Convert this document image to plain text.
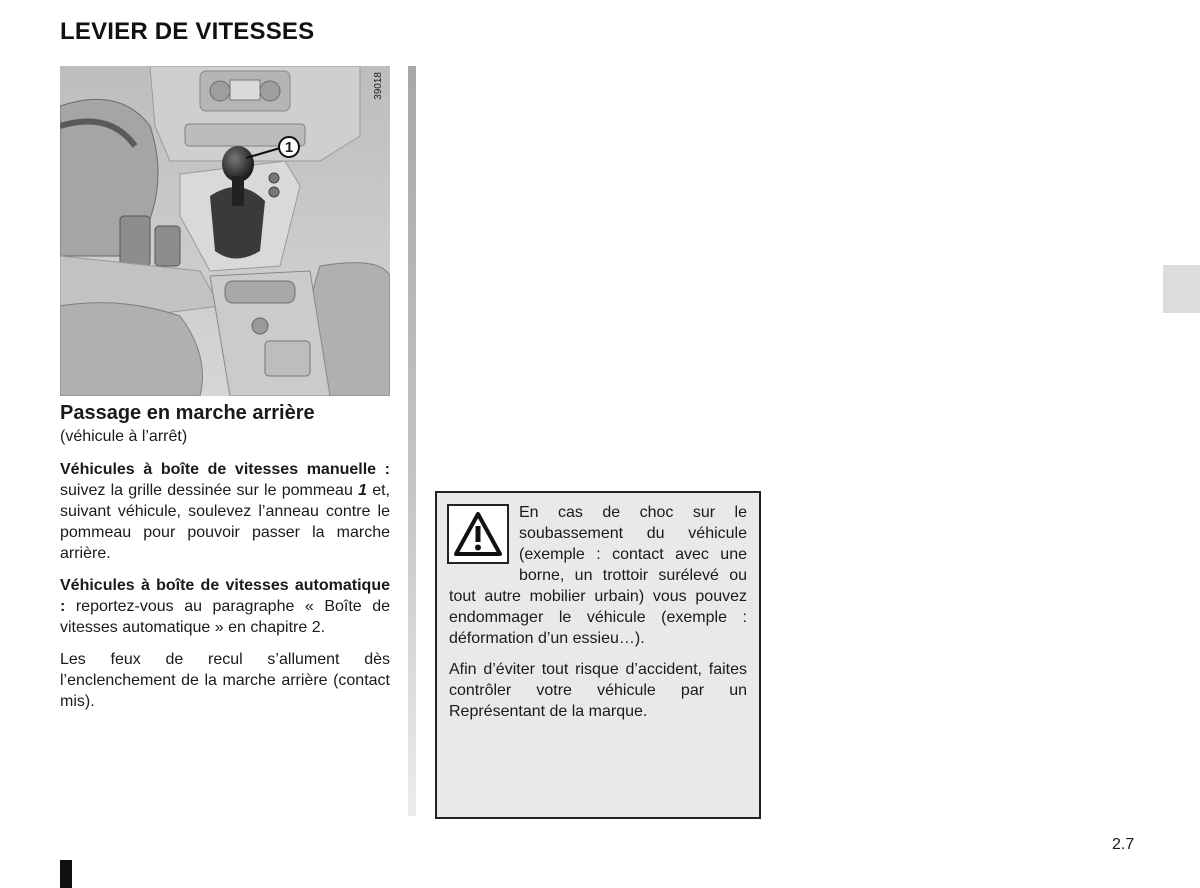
LEVIER DE VITESSES
39018
1

Passage en marche arrière

(véhicule à l’arrêt)

Véhicules à boîte de vitesses manuelle : suivez la grille dessinée sur le pommeau 1 et, suivant véhicule, soulevez l’anneau contre le pommeau pour pouvoir passer la marche arrière.

Véhicules à boîte de vitesses automatique : reportez-vous au paragraphe « Boîte de vitesses automatique » en chapitre 2.

Les feux de recul s’allument dès l’enclenchement de la marche arrière (contact mis).

En cas de choc sur le soubassement du véhicule (exemple : contact avec une borne, un trottoir surélevé ou tout autre mobilier urbain) vous pouvez endommager le véhicule (exemple : déformation d’un essieu…).

Afin d’éviter tout risque d’accident, faites contrôler votre véhicule par un Représentant de la marque.

2.7
